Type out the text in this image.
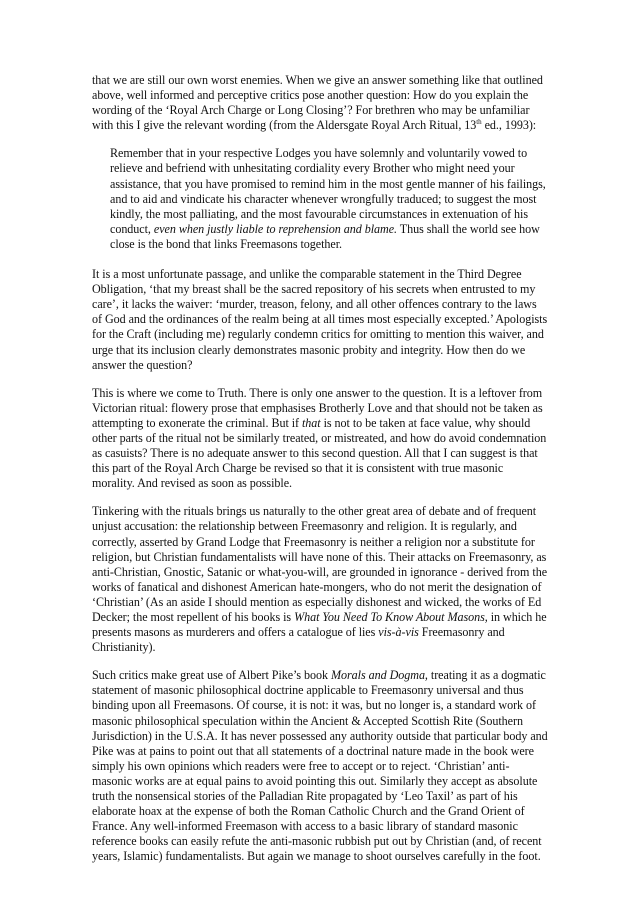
that we are still our own worst enemies. When we give an answer something like that outlined above, well informed and perceptive critics pose another question: How do you explain the wording of the ‘Royal Arch Charge or Long Closing’? For brethren who may be unfamiliar with this I give the relevant wording (from the Aldersgate Royal Arch Ritual, 13th ed., 1993):

Remember that in your respective Lodges you have solemnly and voluntarily vowed to relieve and befriend with unhesitating cordiality every Brother who might need your assistance, that you have promised to remind him in the most gentle manner of his failings, and to aid and vindicate his character whenever wrongfully traduced; to suggest the most kindly, the most palliating, and the most favourable circumstances in extenuation of his conduct, even when justly liable to reprehension and blame. Thus shall the world see how close is the bond that links Freemasons together.

It is a most unfortunate passage, and unlike the comparable statement in the Third Degree Obligation, ‘that my breast shall be the sacred repository of his secrets when entrusted to my care’, it lacks the waiver: ‘murder, treason, felony, and all other offences contrary to the laws of God and the ordinances of the realm being at all times most especially excepted.’ Apologists for the Craft (including me) regularly condemn critics for omitting to mention this waiver, and urge that its inclusion clearly demonstrates masonic probity and integrity. How then do we answer the question?

This is where we come to Truth. There is only one answer to the question. It is a leftover from Victorian ritual: flowery prose that emphasises Brotherly Love and that should not be taken as attempting to exonerate the criminal. But if that is not to be taken at face value, why should other parts of the ritual not be similarly treated, or mistreated, and how do avoid condemnation as casuists? There is no adequate answer to this second question. All that I can suggest is that this part of the Royal Arch Charge be revised so that it is consistent with true masonic morality. And revised as soon as possible.

Tinkering with the rituals brings us naturally to the other great area of debate and of frequent unjust accusation: the relationship between Freemasonry and religion. It is regularly, and correctly, asserted by Grand Lodge that Freemasonry is neither a religion nor a substitute for religion, but Christian fundamentalists will have none of this. Their attacks on Freemasonry, as anti-Christian, Gnostic, Satanic or what-you-will, are grounded in ignorance - derived from the works of fanatical and dishonest American hate-mongers, who do not merit the designation of ‘Christian’ (As an aside I should mention as especially dishonest and wicked, the works of Ed Decker; the most repellent of his books is What You Need To Know About Masons, in which he presents masons as murderers and offers a catalogue of lies vis-à-vis Freemasonry and Christianity).

Such critics make great use of Albert Pike’s book Morals and Dogma, treating it as a dogmatic statement of masonic philosophical doctrine applicable to Freemasonry universal and thus binding upon all Freemasons. Of course, it is not: it was, but no longer is, a standard work of masonic philosophical speculation within the Ancient & Accepted Scottish Rite (Southern Jurisdiction) in the U.S.A. It has never possessed any authority outside that particular body and Pike was at pains to point out that all statements of a doctrinal nature made in the book were simply his own opinions which readers were free to accept or to reject. ‘Christian’ anti-masonic works are at equal pains to avoid pointing this out. Similarly they accept as absolute truth the nonsensical stories of the Palladian Rite propagated by ‘Leo Taxil’ as part of his elaborate hoax at the expense of both the Roman Catholic Church and the Grand Orient of France. Any well-informed Freemason with access to a basic library of standard masonic reference books can easily refute the anti-masonic rubbish put out by Christian (and, of recent years, Islamic) fundamentalists. But again we manage to shoot ourselves carefully in the foot.
